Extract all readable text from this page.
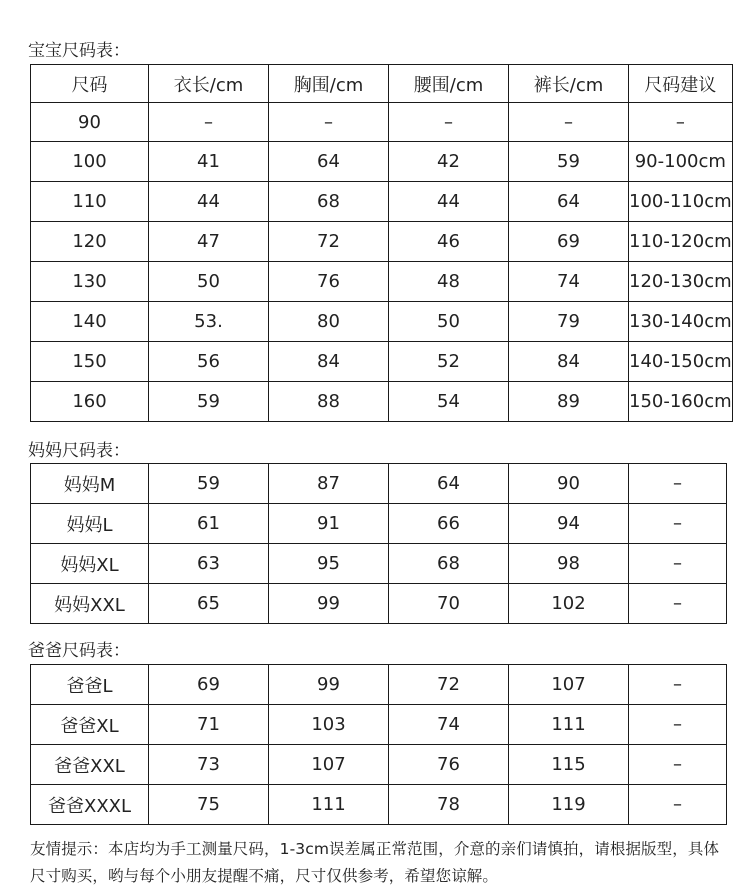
宝宝尺码表：
尺码	衣长/cm	胸围/cm	腰围/cm	裤长/cm	尺码建议
90	–	–	–	–	–
100	41	64	42	59	90-100cm
110	44	68	44	64	100-110cm
120	47	72	46	69	110-120cm
130	50	76	48	74	120-130cm
140	53.	80	50	79	130-140cm
150	56	84	52	84	140-150cm
160	59	88	54	89	150-160cm
妈妈尺码表：
妈妈M	59	87	64	90	–
妈妈L	61	91	66	94	–
妈妈XL	63	95	68	98	–
妈妈XXL	65	99	70	102	–
爸爸尺码表：
爸爸L	69	99	72	107	–
爸爸XL	71	103	74	111	–
爸爸XXL	73	107	76	115	–
爸爸XXXL	75	111	78	119	–
友情提示：本店均为手工测量尺码，1-3cm误差属正常范围，介意的亲们请慎拍，请根据版型，具体尺寸购买，哟与每个小朋友提醒不痛，尺寸仅供参考，希望您谅解。
